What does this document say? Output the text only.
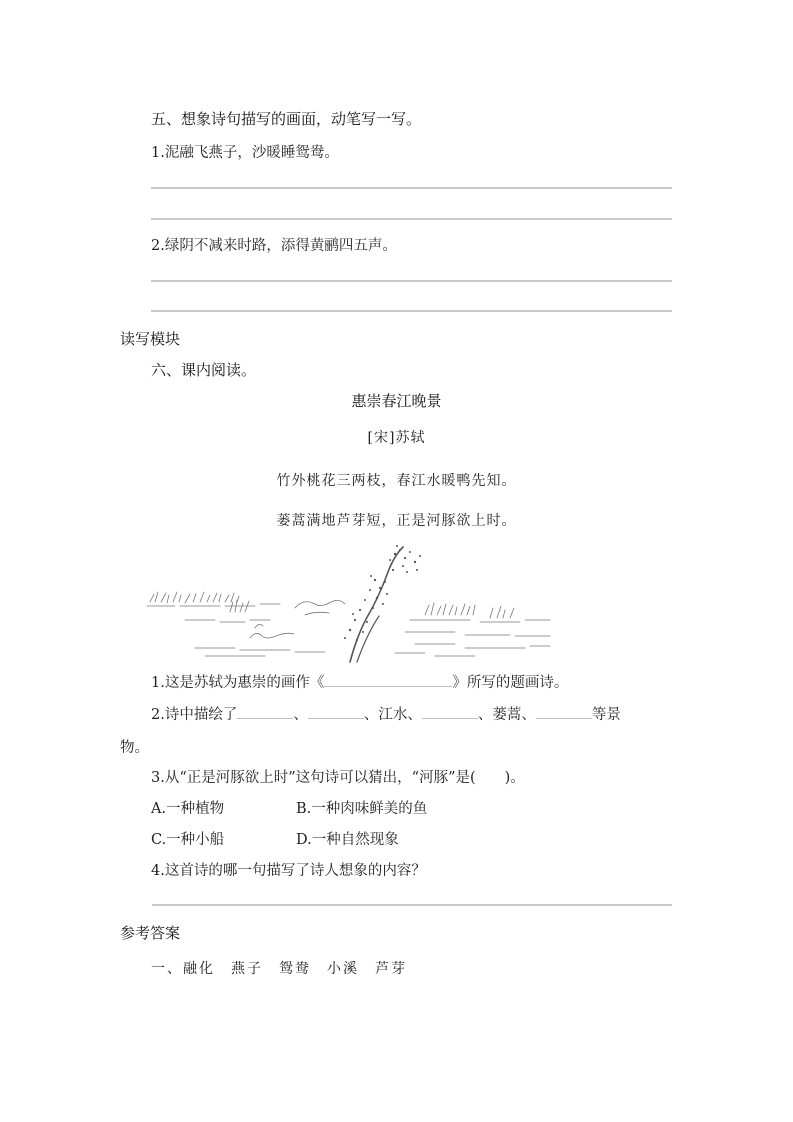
五、想象诗句描写的画面，动笔写一写。
1.泥融飞燕子，沙暖睡鸳鸯。
2.绿阴不减来时路，添得黄鹂四五声。
读写模块
六、课内阅读。
惠崇春江晚景
[宋]苏轼
竹外桃花三两枝，春江水暖鸭先知。
蒌蒿满地芦芽短，正是河豚欲上时。
1.这是苏轼为惠崇的画作《	》所写的题画诗。
2.诗中描绘了	、	、江水、	、蒌蒿、	等景
物。
3.从“正是河豚欲上时”这句诗可以猜出，“河豚”是(　　)。
A.一种植物	B.一种肉味鲜美的鱼
C.一种小船	D.一种自然现象
4.这首诗的哪一句描写了诗人想象的内容？
参考答案
一、融化　燕子　鸳鸯　小溪　芦芽
